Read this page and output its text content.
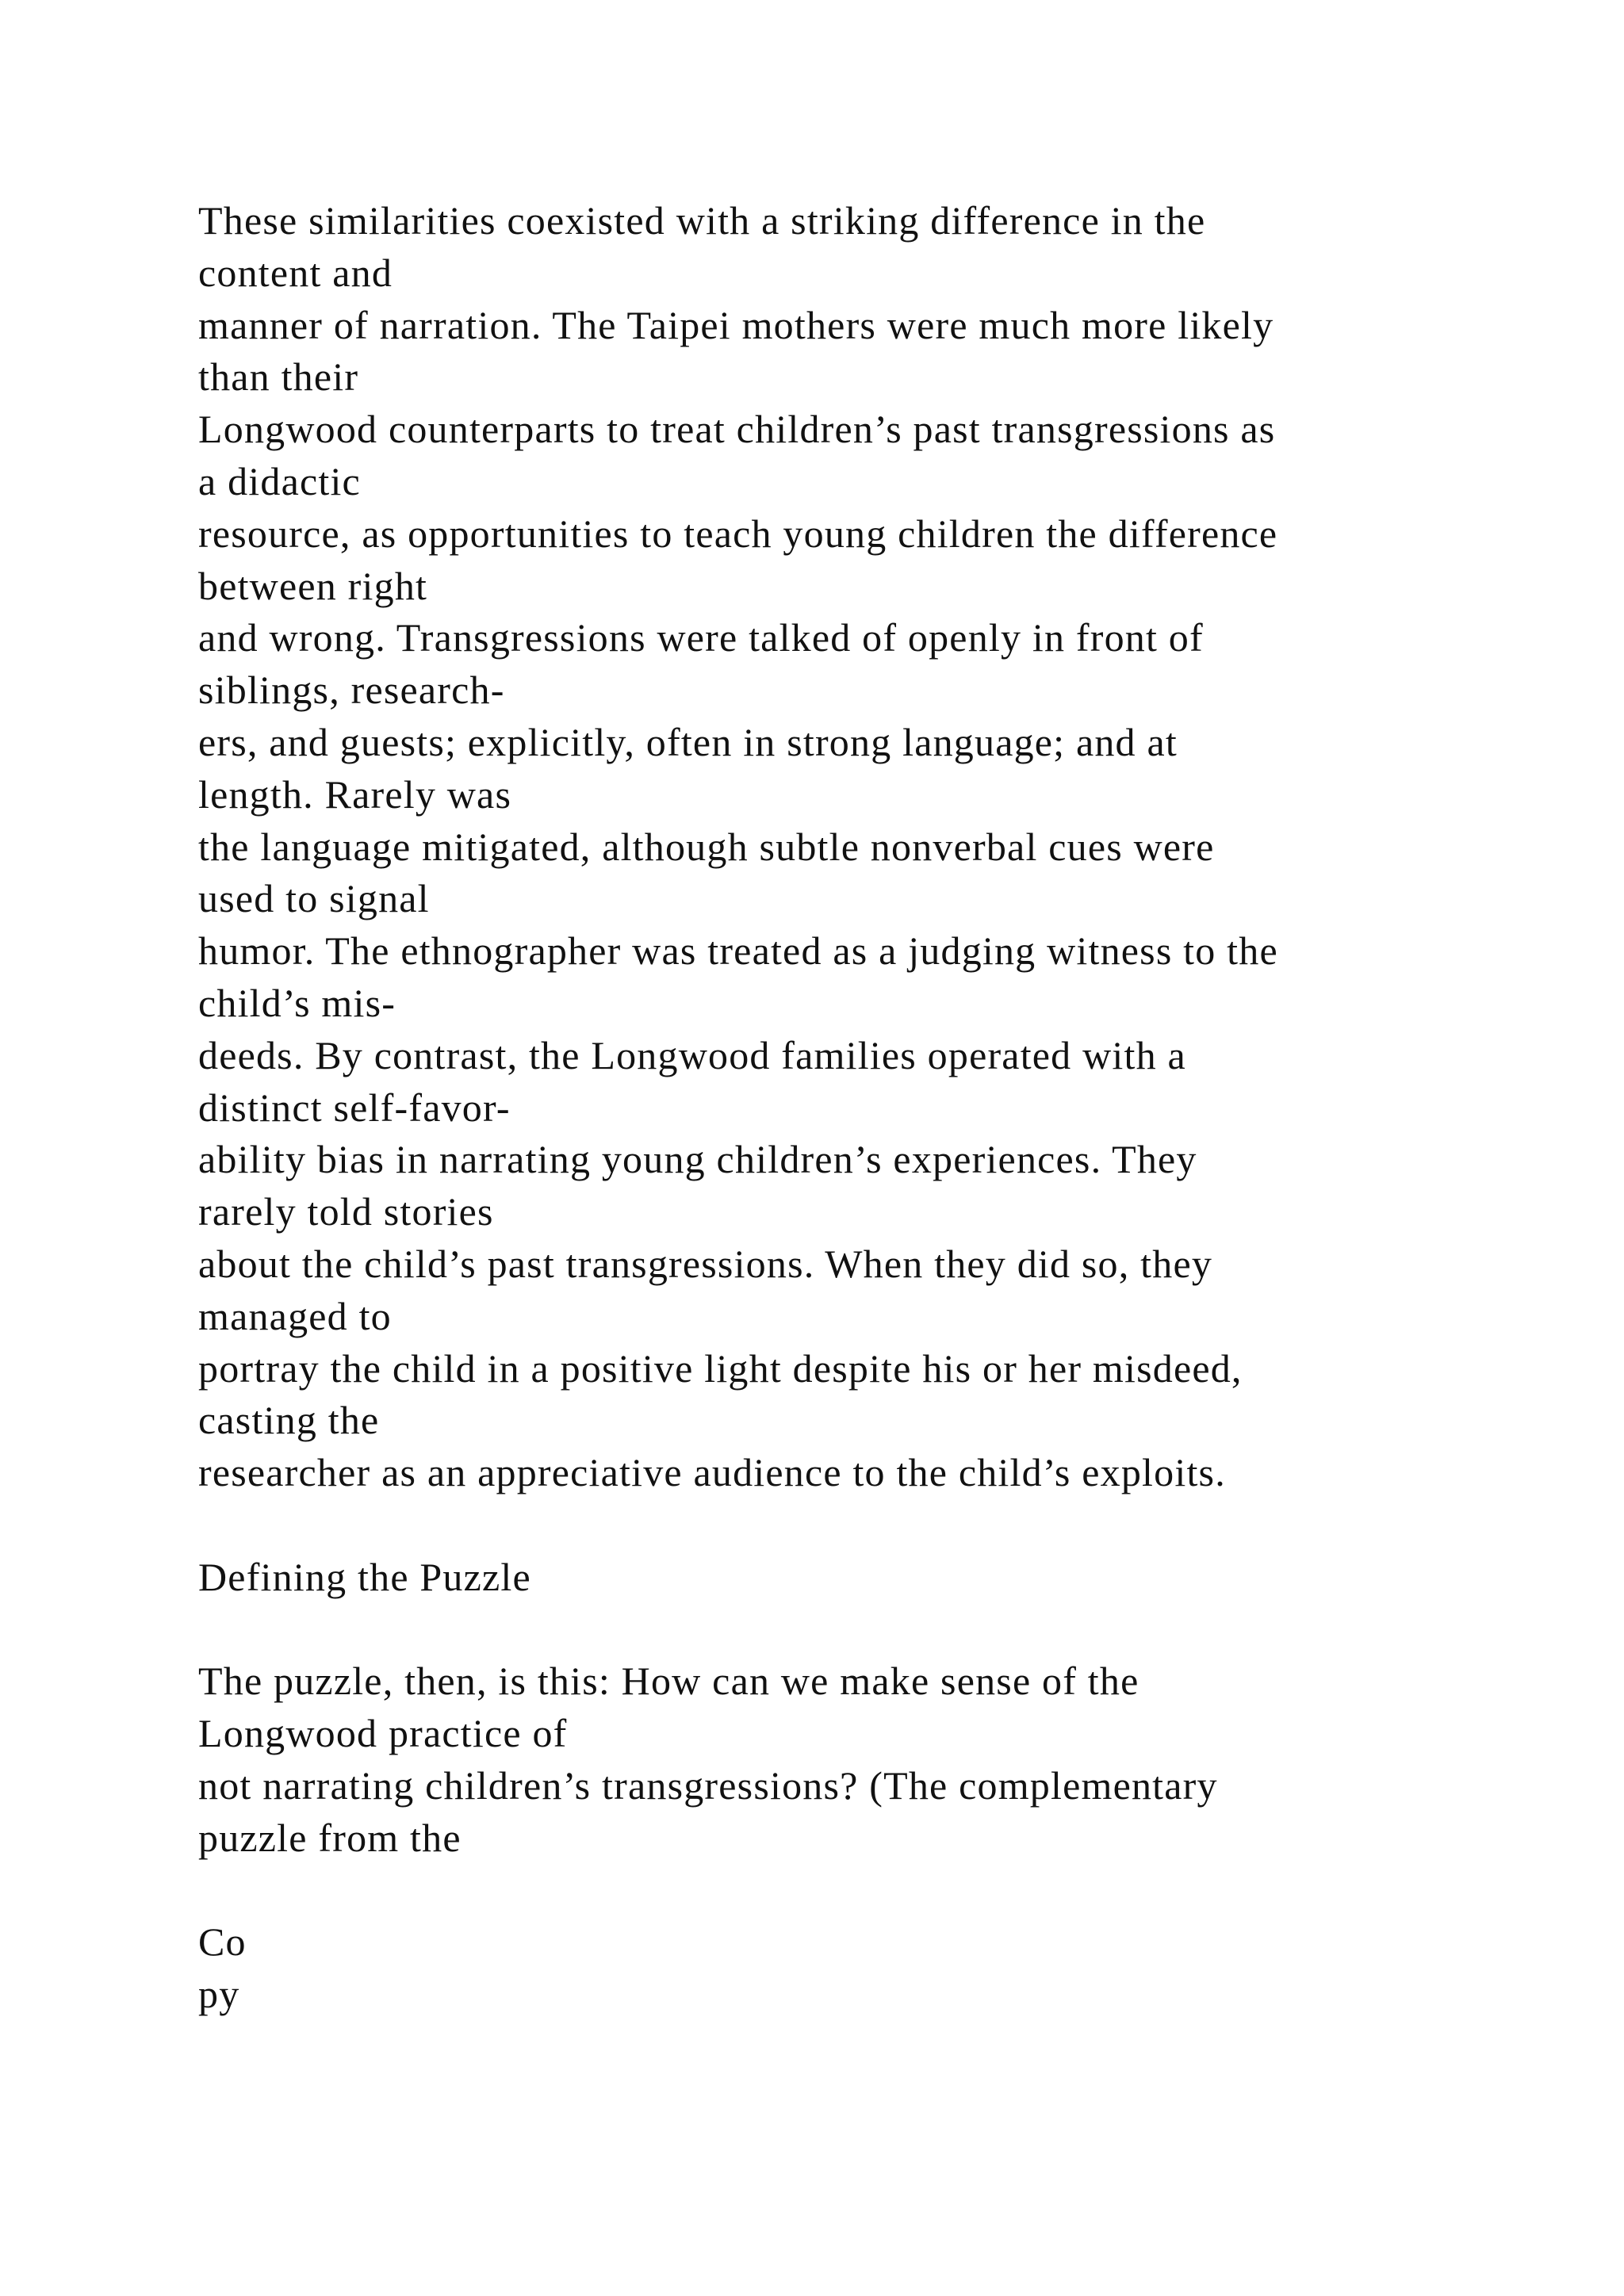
These similarities coexisted with a striking difference in the
content and
manner of narration. The Taipei mothers were much more likely
than their
Longwood counterparts to treat children’s past transgressions as
a didactic
resource, as opportunities to teach young children the difference
between right
and wrong. Transgressions were talked of openly in front of
siblings, research-
ers, and guests; explicitly, often in strong language; and at
length. Rarely was
the language mitigated, although subtle nonverbal cues were
used to signal
humor. The ethnographer was treated as a judging witness to the
child’s mis-
deeds. By contrast, the Longwood families operated with a
distinct self-favor-
ability bias in narrating young children’s experiences. They
rarely told stories
about the child’s past transgressions. When they did so, they
managed to
portray the child in a positive light despite his or her misdeed,
casting the
researcher as an appreciative audience to the child’s exploits.
Defining the Puzzle
The puzzle, then, is this: How can we make sense of the
Longwood practice of
not narrating children’s transgressions? (The complementary
puzzle from the
Co
py
